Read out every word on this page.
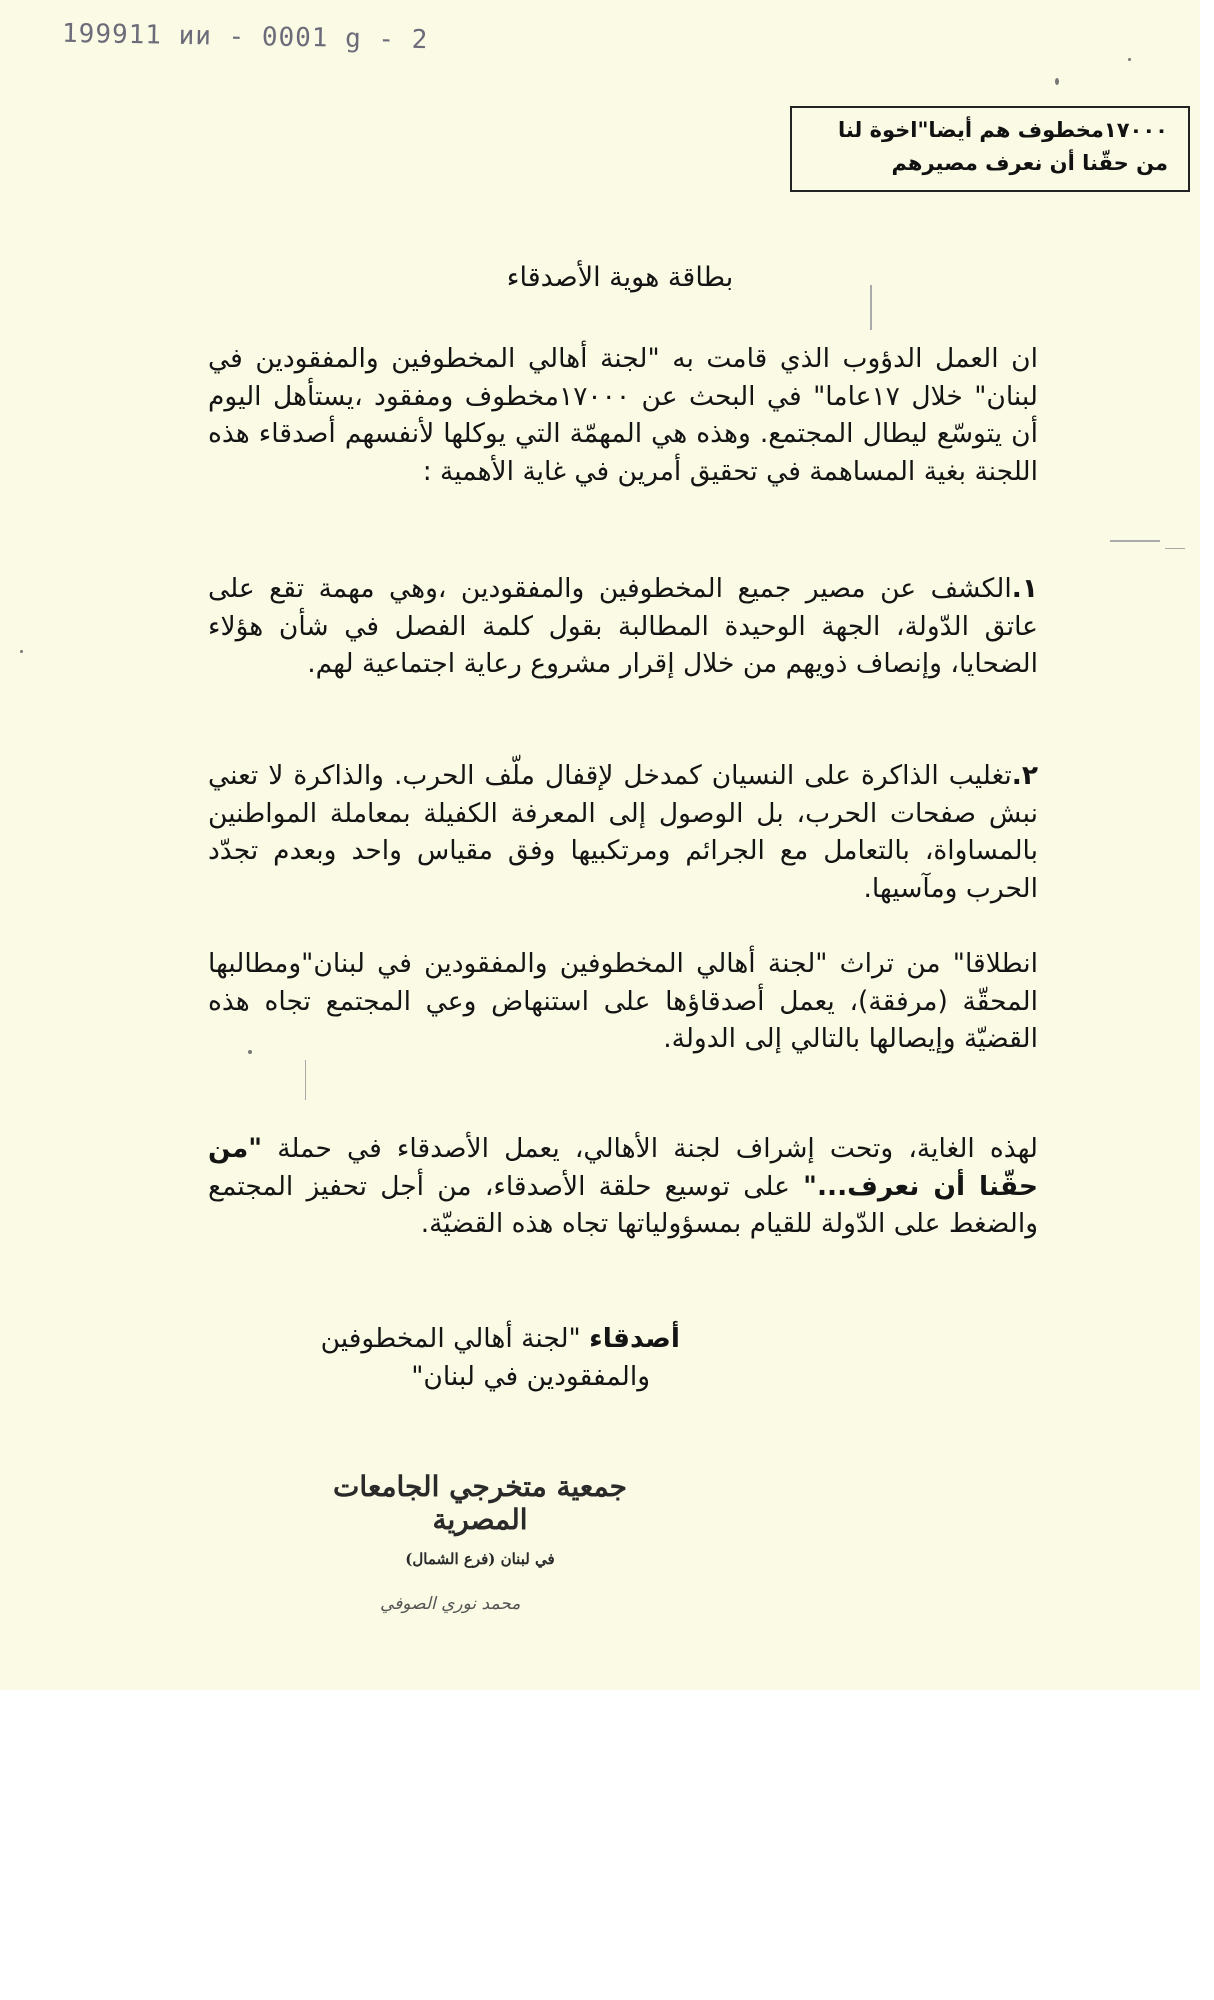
199911 ии - 0001 g - 2
١٧٠٠٠مخطوف هم أيضا"اخوة لنا
من حقّنا أن نعرف مصيرهم
بطاقة هوية الأصدقاء
ان العمل الدؤوب الذي قامت به "لجنة أهالي المخطوفين والمفقودين في لبنان" خلال ١٧عاما" في البحث عن ١٧٠٠٠مخطوف ومفقود ،يستأهل اليوم أن يتوسّع ليطال المجتمع. وهذه هي المهمّة التي يوكلها لأنفسهم أصدقاء هذه اللجنة بغية المساهمة في تحقيق أمرين في غاية الأهمية :
١.الكشف عن مصير جميع المخطوفين والمفقودين ،وهي مهمة تقع على عاتق الدّولة، الجهة الوحيدة المطالبة بقول كلمة الفصل في شأن هؤلاء الضحايا، وإنصاف ذويهم من خلال إقرار مشروع رعاية اجتماعية لهم.
٢.تغليب الذاكرة على النسيان كمدخل لإقفال ملّف الحرب. والذاكرة لا تعني نبش صفحات الحرب، بل الوصول إلى المعرفة الكفيلة بمعاملة المواطنين بالمساواة، بالتعامل مع الجرائم ومرتكبيها وفق مقياس واحد وبعدم تجدّد الحرب ومآسيها.
انطلاقا" من تراث "لجنة أهالي المخطوفين والمفقودين في لبنان"ومطالبها المحقّة (مرفقة)، يعمل أصدقاؤها على استنهاض وعي المجتمع تجاه هذه القضيّة وإيصالها بالتالي إلى الدولة.
لهذه الغاية، وتحت إشراف لجنة الأهالي، يعمل الأصدقاء في حملة "من حقّنا أن نعرف..." على توسيع حلقة الأصدقاء، من أجل تحفيز المجتمع والضغط على الدّولة للقيام بمسؤولياتها تجاه هذه القضيّة.
أصدقاء "لجنة أهالي المخطوفين
والمفقودين في لبنان"
جمعية متخرجي الجامعات المصرية
في لبنان (فرع الشمال)
محمد نوري الصوفي
